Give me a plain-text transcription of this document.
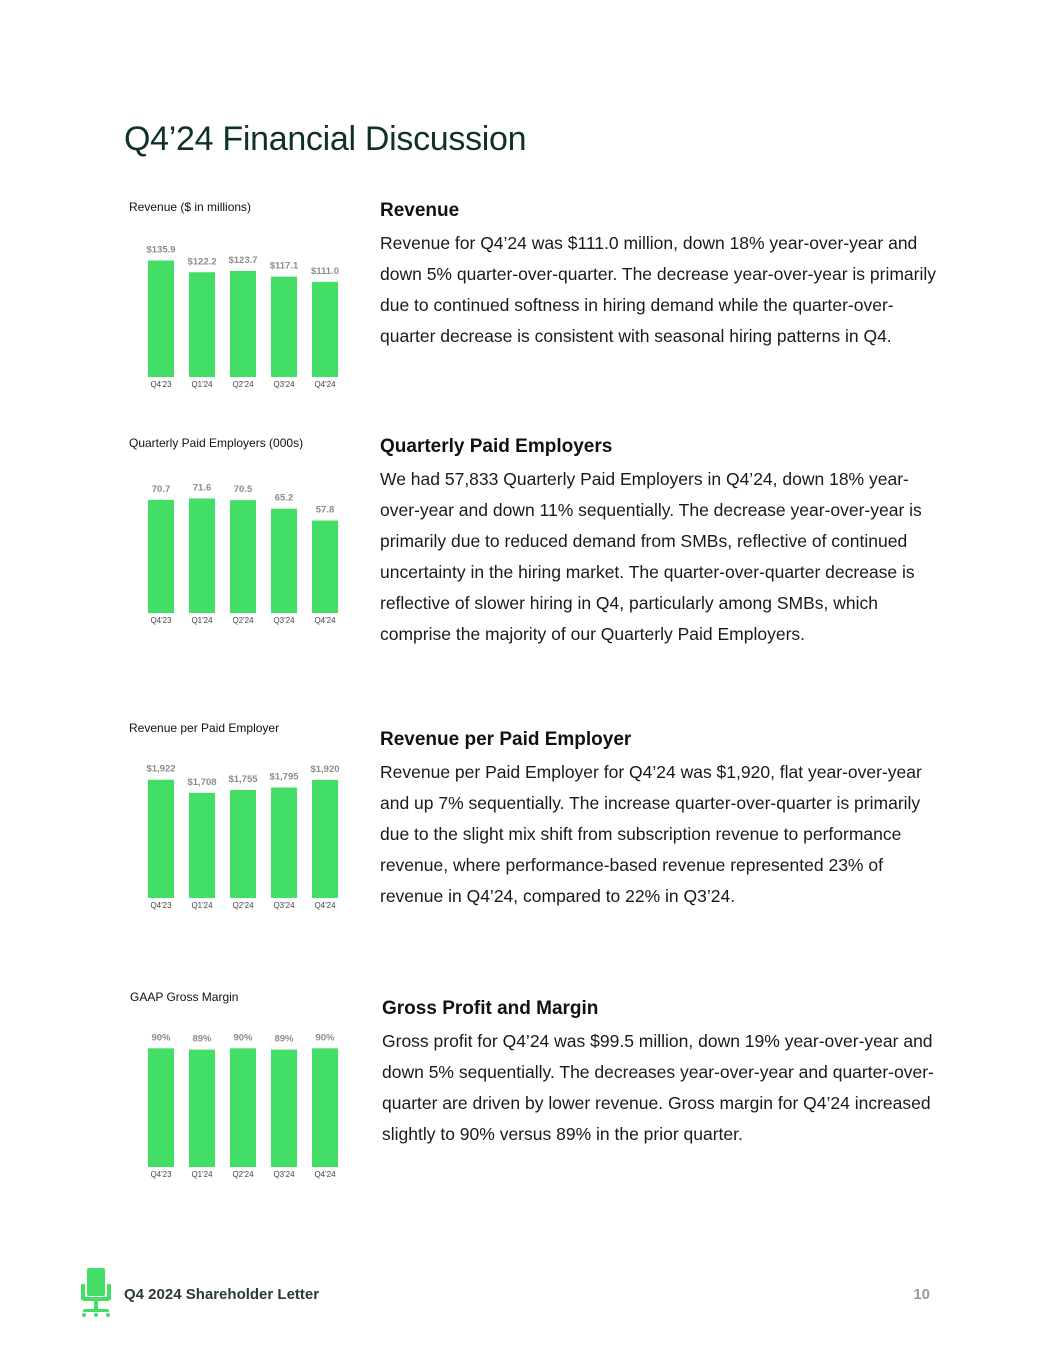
Q4’24 Financial Discussion
Revenue ($ in millions)
$135.9
Q4'23
$122.2
Q1'24
$123.7
Q2'24
$117.1
Q3'24
$111.0
Q4'24
Revenue

Revenue for Q4’24 was $111.0 million, down 18% year-over-year and down 5% quarter-over-quarter. The decrease year-over-year is primarily due to continued softness in hiring demand while the quarter-over-quarter decrease is consistent with seasonal hiring patterns in Q4.

Quarterly Paid Employers (000s)
70.7
Q4'23
71.6
Q1'24
70.5
Q2'24
65.2
Q3'24
57.8
Q4'24
Quarterly Paid Employers

We had 57,833 Quarterly Paid Employers in Q4’24, down 18% year-over-year and down 11% sequentially. The decrease year-over-year is primarily due to reduced demand from SMBs, reflective of continued uncertainty in the hiring market. The quarter-over-quarter decrease is reflective of slower hiring in Q4, particularly among SMBs, which comprise the majority of our Quarterly Paid Employers.

Revenue per Paid Employer
$1,922
Q4'23
$1,708
Q1'24
$1,755
Q2'24
$1,795
Q3'24
$1,920
Q4'24
Revenue per Paid Employer

Revenue per Paid Employer for Q4’24 was $1,920, flat year-over-year and up 7% sequentially. The increase quarter-over-quarter is primarily due to the slight mix shift from subscription revenue to performance revenue, where performance-based revenue represented 23% of revenue in Q4’24, compared to 22% in Q3’24.

GAAP Gross Margin
90%
Q4'23
89%
Q1'24
90%
Q2'24
89%
Q3'24
90%
Q4'24
Gross Profit and Margin

Gross profit for Q4’24 was $99.5 million, down 19% year-over-year and down 5% sequentially. The decreases year-over-year and quarter-over-quarter are driven by lower revenue. Gross margin for Q4’24 increased slightly to 90% versus 89% in the prior quarter.

Q4 2024 Shareholder Letter	10
